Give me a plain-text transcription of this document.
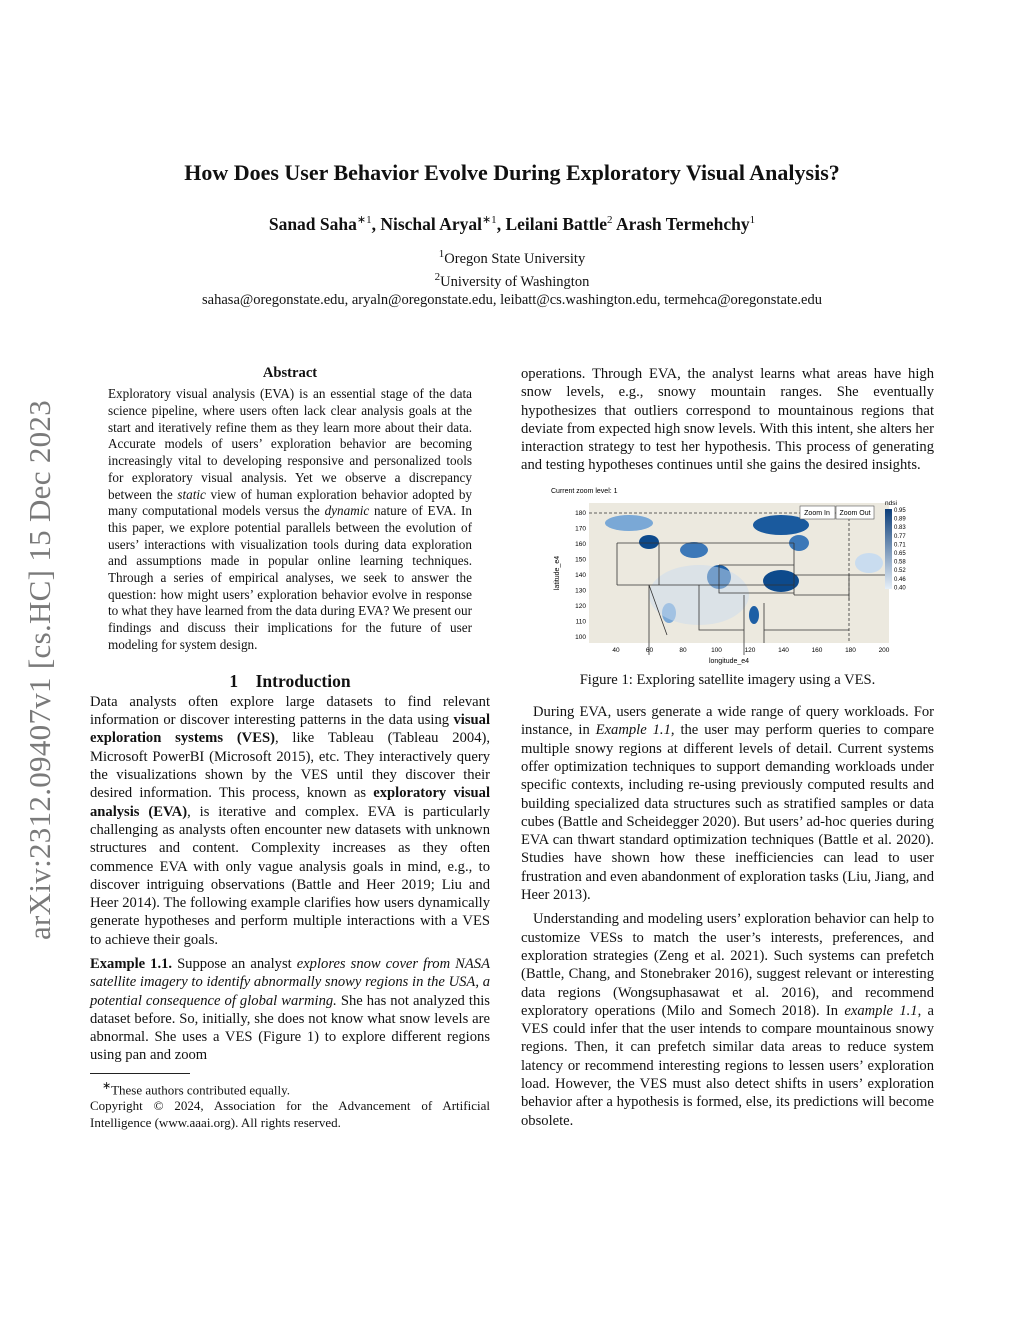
arXiv:2312.09407v1 [cs.HC] 15 Dec 2023
How Does User Behavior Evolve During Exploratory Visual Analysis?
Sanad Saha$^{∗1}$, Nischal Aryal$^{∗1}$, Leilani Battle$^2$ Arash Termehchy$^1$
$^1$Oregon State University
$^2$University of Washington
sahasa@oregonstate.edu, aryaln@oregonstate.edu, leibatt@cs.washington.edu, termehca@oregonstate.edu
Abstract
Exploratory visual analysis (EVA) is an essential stage of the data science pipeline, where users often lack clear analysis goals at the start and iteratively refine them as they learn more about their data. Accurate models of users’ exploration behavior are becoming increasingly vital to developing responsive and personalized tools for exploratory visual analysis. Yet we observe a discrepancy between the static view of human exploration behavior adopted by many computational models versus the dynamic nature of EVA. In this paper, we explore potential parallels between the evolution of users’ interactions with visualization tools during data exploration and assumptions made in popular online learning techniques. Through a series of empirical analyses, we seek to answer the question: how might users’ exploration behavior evolve in response to what they have learned from the data during EVA? We present our findings and discuss their implications for the future of user modeling for system design.
1 Introduction

Data analysts often explore large datasets to find relevant information or discover interesting patterns in the data using visual exploration systems (VES), like Tableau (Tableau 2004), Microsoft PowerBI (Microsoft 2015), etc. They interactively query the visualizations shown by the VES until they discover their desired information. This process, known as exploratory visual analysis (EVA), is iterative and complex. EVA is particularly challenging as analysts often encounter new datasets with unknown structures and content. Complexity increases as they often commence EVA with only vague analysis goals in mind, e.g., to discover intriguing observations (Battle and Heer 2019; Liu and Heer 2014). The following example clarifies how users dynamically generate hypotheses and perform multiple interactions with a VES to achieve their goals.

Example 1.1. Suppose an analyst explores snow cover from NASA satellite imagery to identify abnormally snowy regions in the USA, a potential consequence of global warming. She has not analyzed this dataset before. So, initially, she does not know what snow levels are abnormal. She uses a VES (Figure 1) to explore different regions using pan and zoom

∗These authors contributed equally.
Copyright © 2024, Association for the Advancement of Artificial Intelligence (www.aaai.org). All rights reserved.

operations. Through EVA, the analyst learns what areas have high snow levels, e.g., snowy mountain ranges. She eventually hypothesizes that outliers correspond to mountainous regions that deviate from expected high snow levels. With this intent, she alters her interaction strategy to test her hypothesis. This process of generating and testing hypotheses continues until she gains the desired insights.

Current zoom level: 1
Zoom In Zoom Out
180
170
160
150
140
130
120
110
100
40	60	80	100	120	140	160	180	200
longitude_e4
latitude_e4
ndsi
0.95
0.89
0.83
0.77
0.71
0.65
0.58
0.52
0.46
0.40
Figure 1: Exploring satellite imagery using a VES.

During EVA, users generate a wide range of query workloads. For instance, in Example 1.1, the user may perform queries to compare multiple snowy regions at different levels of detail. Current systems offer optimization techniques to support demanding workloads under specific contexts, including re-using previously computed results and building specialized data structures such as stratified samples or data cubes (Battle and Scheidegger 2020). But users’ ad-hoc queries during EVA can thwart standard optimization techniques (Battle et al. 2020). Studies have shown how these inefficiencies can lead to user frustration and even abandonment of exploration tasks (Liu, Jiang, and Heer 2013).

Understanding and modeling users’ exploration behavior can help to customize VESs to match the user’s interests, preferences, and exploration strategies (Zeng et al. 2021). Such systems can prefetch (Battle, Chang, and Stonebraker 2016), suggest relevant or interesting data regions (Wongsuphasawat et al. 2016), and recommend exploratory operations (Milo and Somech 2018). In example 1.1, a VES could infer that the user intends to compare mountainous snowy regions. Then, it can prefetch similar data areas to reduce system latency or recommend interesting regions to lessen users’ exploration load. However, the VES must also detect shifts in users’ exploration behavior after a hypothesis is formed, else, its predictions will become obsolete.
